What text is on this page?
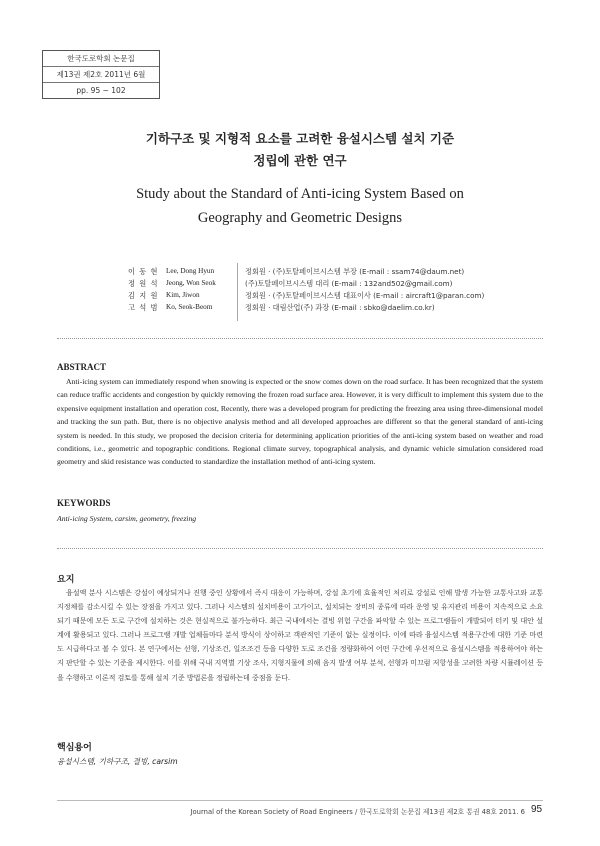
한국도로학회 논문집
제13권 제2호 2011년 6월
pp. 95 ~ 102
기하구조 및 지형적 요소를 고려한 융설시스템 설치 기준
정립에 관한 연구
Study about the Standard of Anti-icing System Based on
Geography and Geometric Designs
이 동 현 Lee, Dong Hyun	정회원 · (주)토탈페이브시스템 부장 (E-mail : ssam74@daum.net)
정 원 석 Jeong, Won Seok	(주)토탈페이브시스템 대리 (E-mail : 132and502@gmail.com)
김 지 원 Kim, Jiwon	정회원 · (주)토탈페이브시스템 대표이사 (E-mail : aircraft1@paran.com)
고 석 범 Ko, Seok-Beom	정회원 · 대림산업(주) 과장 (E-mail : sbko@daelim.co.kr)
ABSTRACT

Anti-icing system can immediately respond when snowing is expected or the snow comes down on the road surface. It has been recognized that the system can reduce traffic accidents and congestion by quickly removing the frozen road surface area. However, it is very difficult to implement this system due to the expensive equipment installation and operation cost, Recently, there was a developed program for predicting the freezing area using three-dimensional model and tracking the sun path. But, there is no objective analysis method and all developed approaches are different so that the general standard of anti-icing system is needed. In this study, we proposed the decision criteria for determining application priorities of the anti-icing system based on weather and road conditions, i.e., geometric and topographic conditions. Regional climate survey, topographical analysis, and dynamic vehicle simulation considered road geometry and skid resistance was conducted to standardize the installation method of anti-icing system.

KEYWORDS
Anti-icing System, carsim, geometry, freezing
요지

융설액 분사 시스템은 강설이 예상되거나 진행 중인 상황에서 즉시 대응이 가능하며, 강설 초기에 효율적인 처리로 강설로 인해 발생 가능한 교통사고와 교통 지정체를 감소시킬 수 있는 장점을 가지고 있다. 그러나 시스템의 설치비용이 고가이고, 설치되는 장비의 종류에 따라 운영 및 유지관리 비용이 지속적으로 소요되기 때문에 모든 도로 구간에 설치하는 것은 현실적으로 불가능하다. 최근 국내에서는 결빙 위험 구간을 파악할 수 있는 프로그램들이 개발되어 터키 및 대안 설계에 활용되고 있다. 그러나 프로그램 개발 업체들마다 분석 방식이 상이하고 객관적인 기준이 없는 실정이다. 이에 따라 융설시스템 적용구간에 대한 기준 마련도 시급하다고 볼 수 있다. 본 연구에서는 선형, 기상조건, 일조조건 등을 다양한 도로 조건을 정량화하여 어떤 구간에 우선적으로 융설시스템을 적용하여야 하는지 판단할 수 있는 기준을 제시한다. 이를 위해 국내 지역별 기상 조사, 지형지물에 의해 음지 발생 여부 분석, 선형과 미끄럼 저항성을 고려한 차량 시뮬레이션 등을 수행하고 이론적 검토를 통해 설치 기준 방법론을 정립하는데 중점을 둔다.

핵심용어
융설시스템, 기하구조, 결빙, carsim
Journal of the Korean Society of Road Engineers / 한국도로학회 논문집 제13권 제2호 통권 48호 2011. 6 95
